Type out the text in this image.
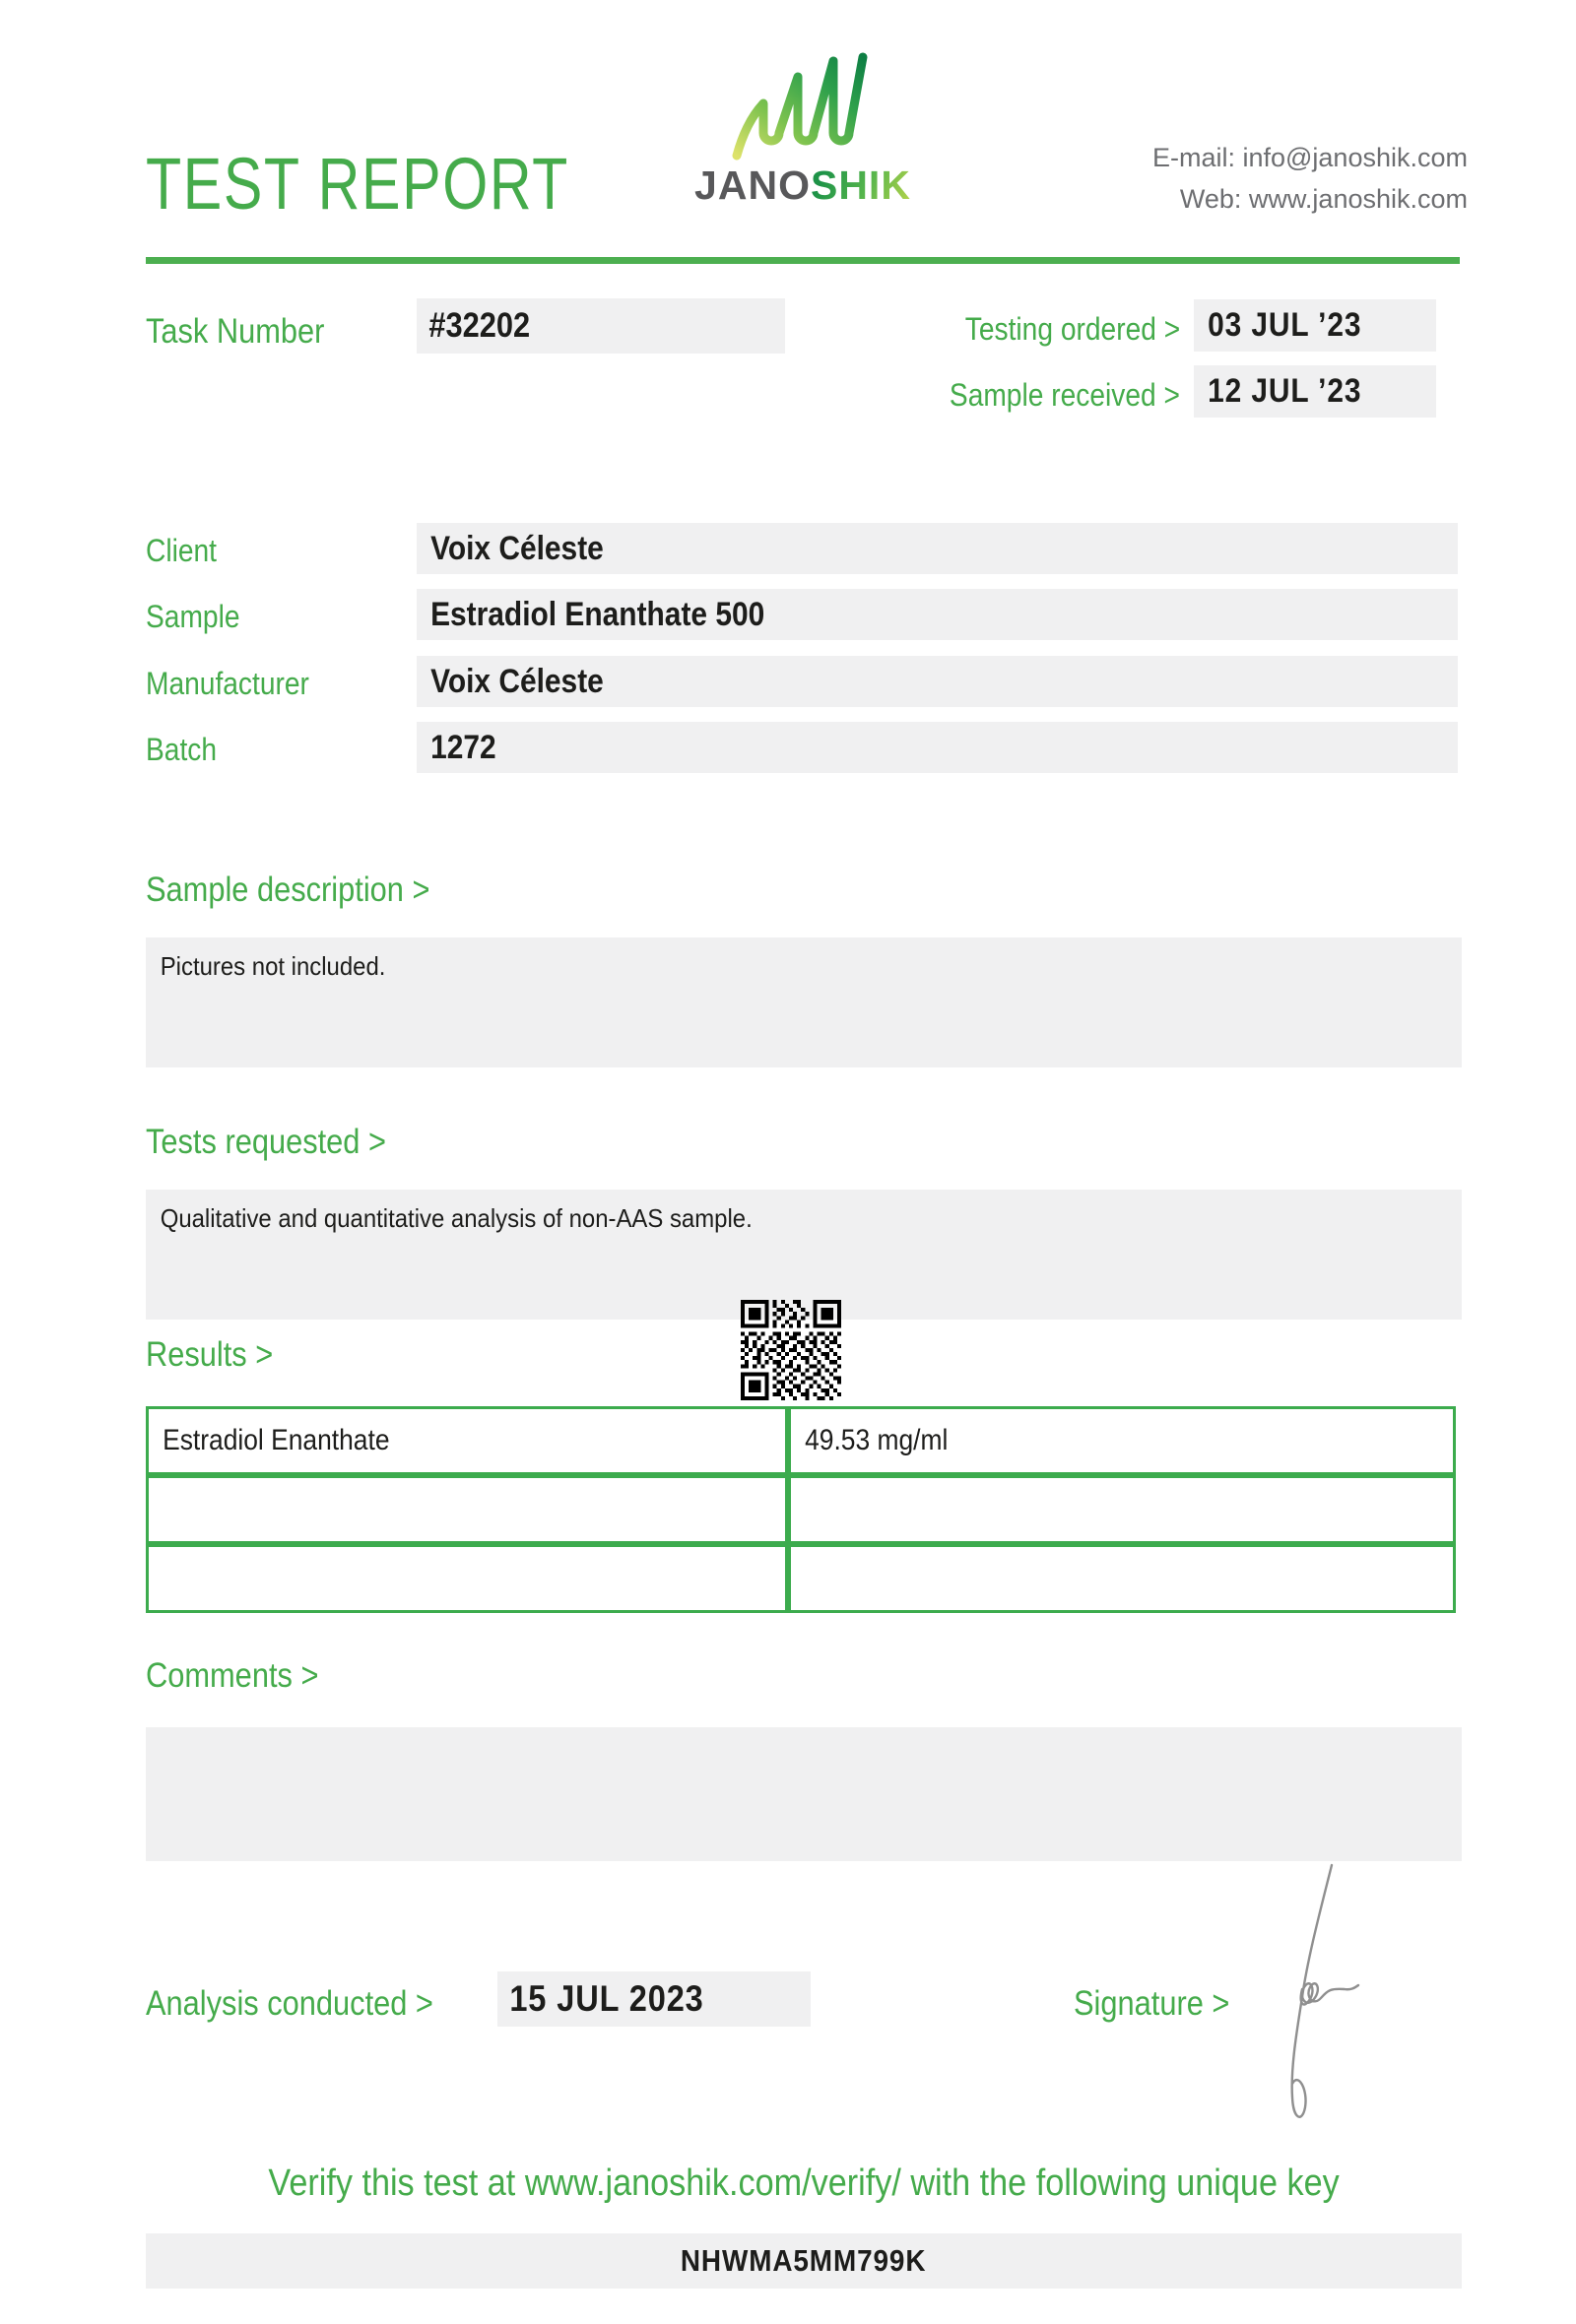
TEST REPORT	JANOSHIK
E-mail: info@janoshik.com
Web: www.janoshik.com
Task Number	#32202	Testing ordered > 03 JUL ’23
Sample received > 12 JUL ’23
Client	Voix Céleste
Sample	Estradiol Enanthate 500
Manufacturer	Voix Céleste
Batch	1272
Sample description >
Pictures not included.
Tests requested >
Qualitative and quantitative analysis of non-AAS sample.
Results >
Estradiol Enanthate	49.53 mg/ml
Comments >
Analysis conducted >	15 JUL 2023	Signature >
Verify this test at www.janoshik.com/verify/ with the following unique key
NHWMA5MM799K
